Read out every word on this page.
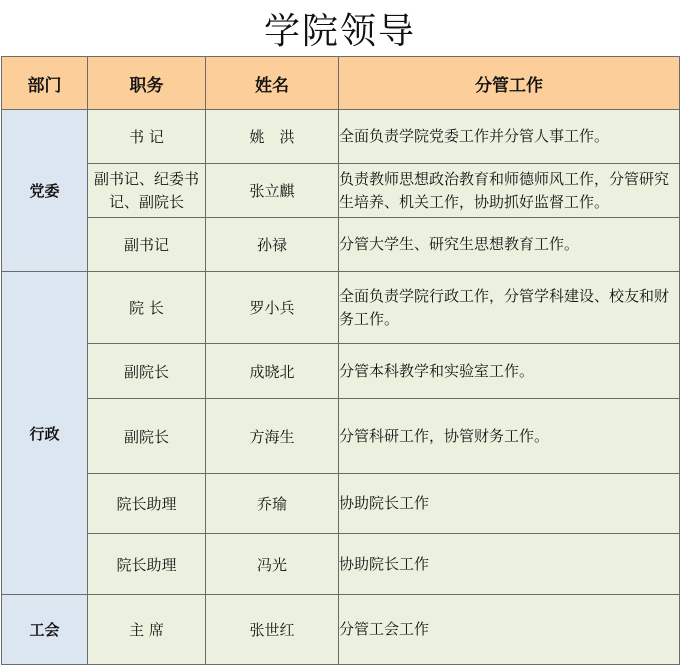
学院领导
部门	职务	姓名	分管工作
党委	书 记	姚　洪	全面负责学院党委工作并分管人事工作。
	副书记、纪委书记、副院长	张立麒	负责教师思想政治教育和师德师风工作，分管研究生培养、机关工作，协助抓好监督工作。
	副书记	孙禄	分管大学生、研究生思想教育工作。
行政	院 长	罗小兵	全面负责学院行政工作，分管学科建设、校友和财务工作。
	副院长	成晓北	分管本科教学和实验室工作。
	副院长	方海生	分管科研工作，协管财务工作。
	院长助理	乔瑜	协助院长工作
	院长助理	冯光	协助院长工作
工会	主 席	张世红	分管工会工作
